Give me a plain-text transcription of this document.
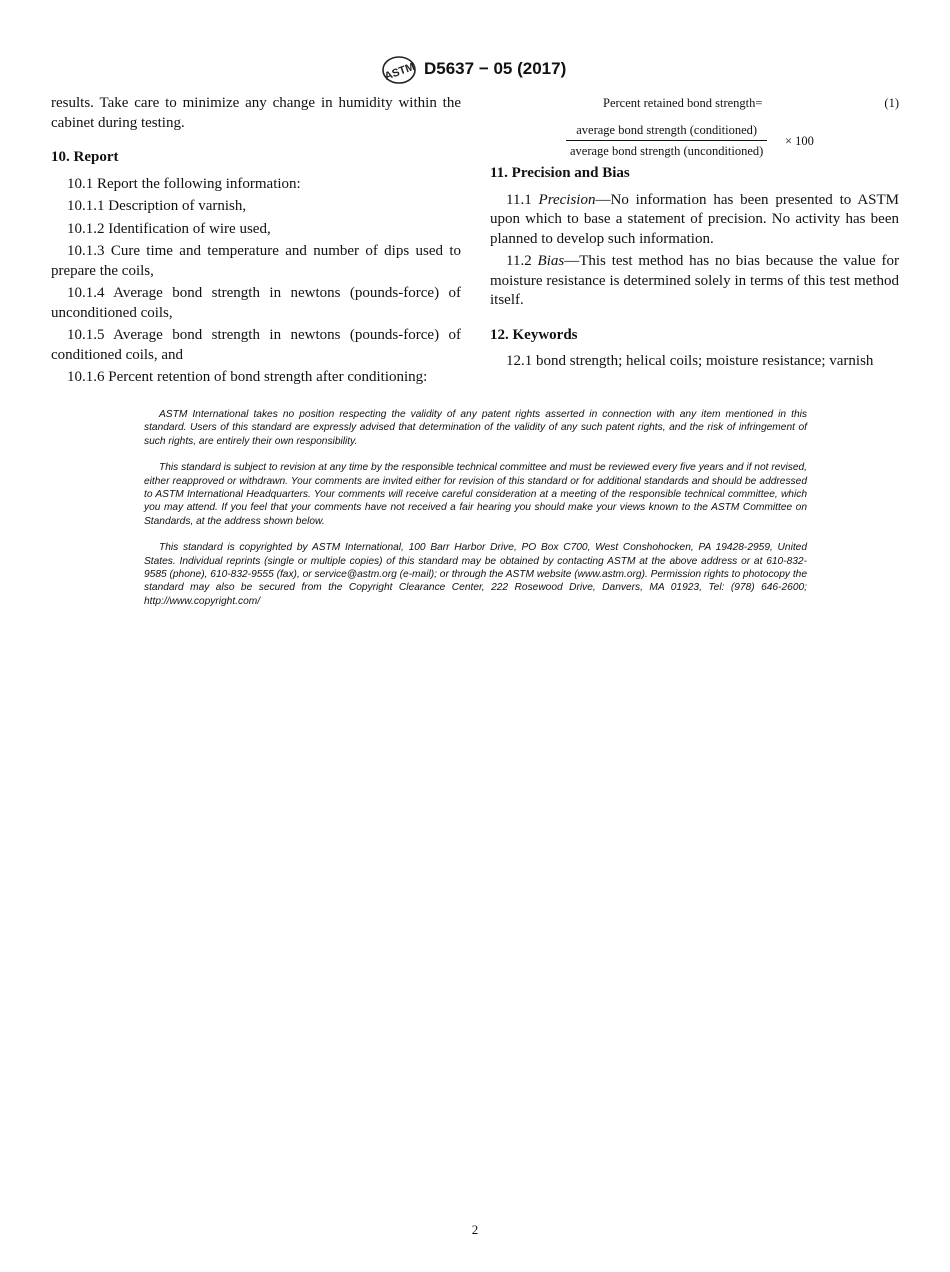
ASTM D5637 − 05 (2017)

results. Take care to minimize any change in humidity within the cabinet during testing.

10. Report

10.1 Report the following information:

10.1.1 Description of varnish,

10.1.2 Identification of wire used,

10.1.3 Cure time and temperature and number of dips used to prepare the coils,

10.1.4 Average bond strength in newtons (pounds-force) of unconditioned coils,

10.1.5 Average bond strength in newtons (pounds-force) of conditioned coils, and

10.1.6 Percent retention of bond strength after conditioning:

Percent retained bond strength=	(1)
average bond strength (conditioned)
average bond strength (unconditioned)
× 100

11. Precision and Bias

11.1 Precision—No information has been presented to ASTM upon which to base a statement of precision. No activity has been planned to develop such information.

11.2 Bias—This test method has no bias because the value for moisture resistance is determined solely in terms of this test method itself.

12. Keywords

12.1 bond strength; helical coils; moisture resistance; varnish

ASTM International takes no position respecting the validity of any patent rights asserted in connection with any item mentioned in this standard. Users of this standard are expressly advised that determination of the validity of any such patent rights, and the risk of infringement of such rights, are entirely their own responsibility.

This standard is subject to revision at any time by the responsible technical committee and must be reviewed every five years and if not revised, either reapproved or withdrawn. Your comments are invited either for revision of this standard or for additional standards and should be addressed to ASTM International Headquarters. Your comments will receive careful consideration at a meeting of the responsible technical committee, which you may attend. If you feel that your comments have not received a fair hearing you should make your views known to the ASTM Committee on Standards, at the address shown below.

This standard is copyrighted by ASTM International, 100 Barr Harbor Drive, PO Box C700, West Conshohocken, PA 19428-2959, United States. Individual reprints (single or multiple copies) of this standard may be obtained by contacting ASTM at the above address or at 610-832-9585 (phone), 610-832-9555 (fax), or service@astm.org (e-mail); or through the ASTM website (www.astm.org). Permission rights to photocopy the standard may also be secured from the Copyright Clearance Center, 222 Rosewood Drive, Danvers, MA 01923, Tel: (978) 646-2600; http://www.copyright.com/

2
